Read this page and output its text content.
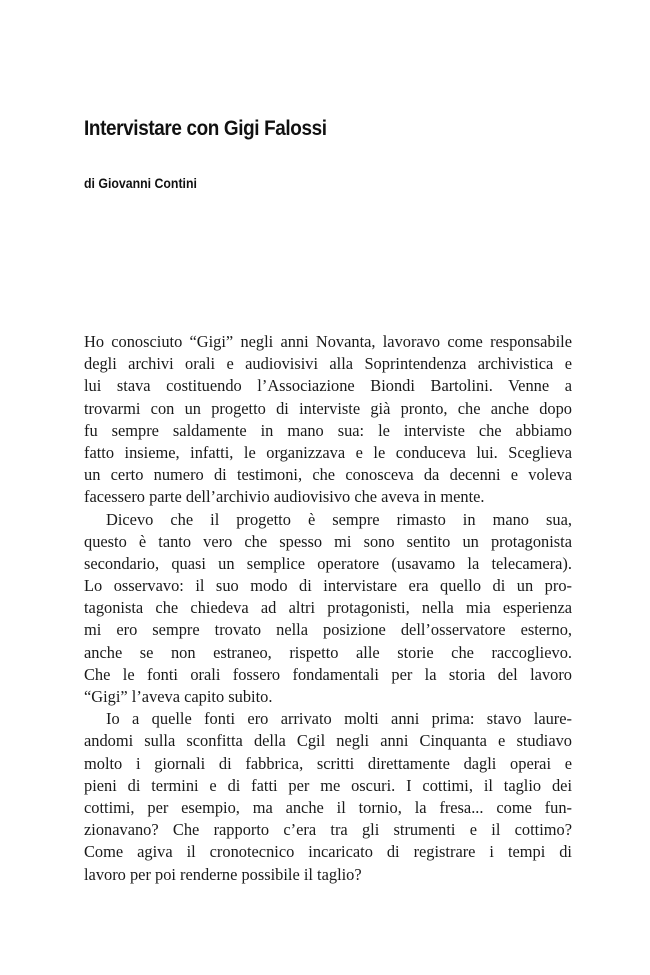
Intervistare con Gigi Falossi
di Giovanni Contini
Ho conosciuto “Gigi” negli anni Novanta, lavoravo come responsabile
degli archivi orali e audiovisivi alla Soprintendenza archivistica e
lui stava costituendo l’Associazione Biondi Bartolini. Venne a
trovarmi con un progetto di interviste già pronto, che anche dopo
fu sempre saldamente in mano sua: le interviste che abbiamo
fatto insieme, infatti, le organizzava e le conduceva lui. Sceglieva
un certo numero di testimoni, che conosceva da decenni e voleva
facessero parte dell’archivio audiovisivo che aveva in mente.
Dicevo che il progetto è sempre rimasto in mano sua,
questo è tanto vero che spesso mi sono sentito un protagonista
secondario, quasi un semplice operatore (usavamo la telecamera).
Lo osservavo: il suo modo di intervistare era quello di un pro-
tagonista che chiedeva ad altri protagonisti, nella mia esperienza
mi ero sempre trovato nella posizione dell’osservatore esterno,
anche se non estraneo, rispetto alle storie che raccoglievo.
Che le fonti orali fossero fondamentali per la storia del lavoro
“Gigi” l’aveva capito subito.
Io a quelle fonti ero arrivato molti anni prima: stavo laure-
andomi sulla sconfitta della Cgil negli anni Cinquanta e studiavo
molto i giornali di fabbrica, scritti direttamente dagli operai e
pieni di termini e di fatti per me oscuri. I cottimi, il taglio dei
cottimi, per esempio, ma anche il tornio, la fresa... come fun-
zionavano? Che rapporto c’era tra gli strumenti e il cottimo?
Come agiva il cronotecnico incaricato di registrare i tempi di
lavoro per poi renderne possibile il taglio?
